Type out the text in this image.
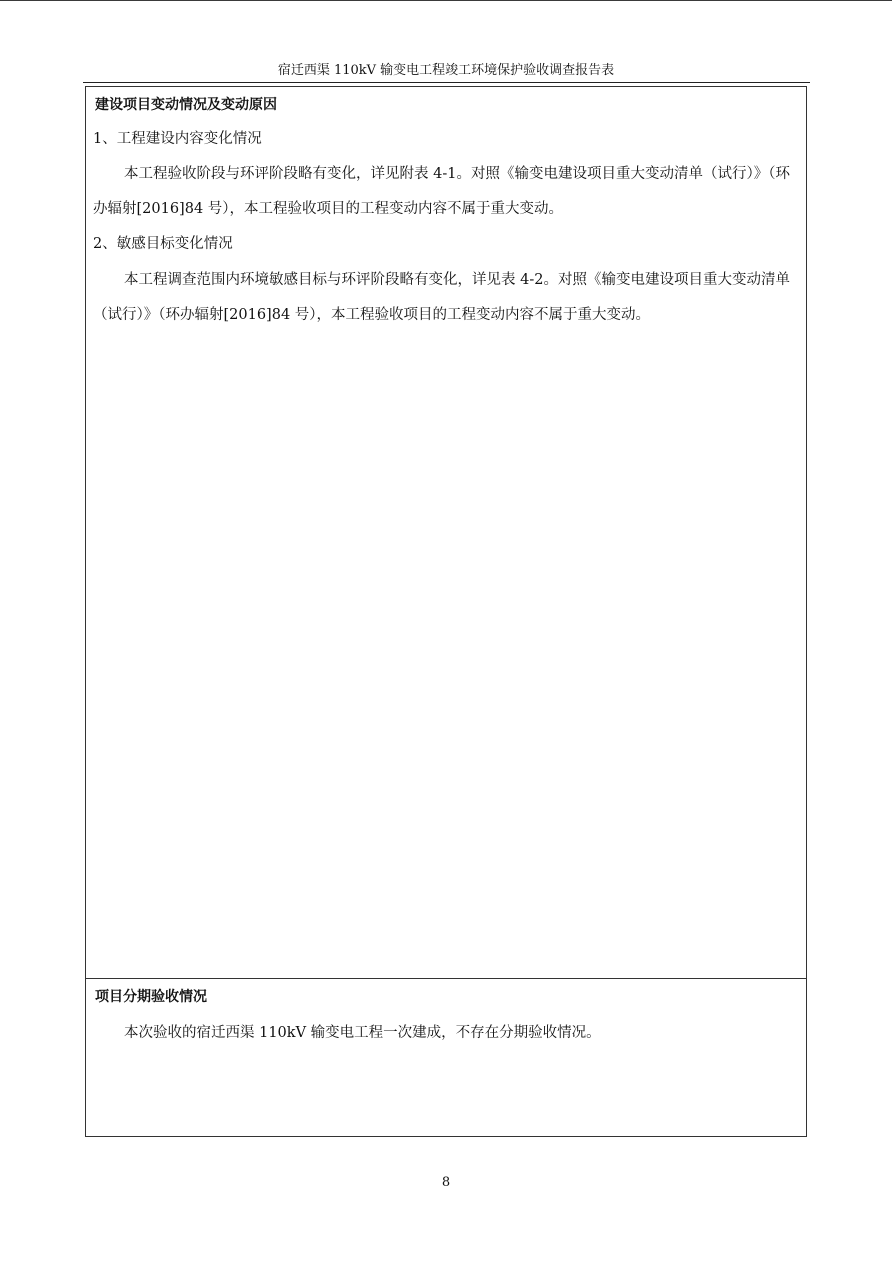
宿迁西渠 110kV 输变电工程竣工环境保护验收调查报告表
建设项目变动情况及变动原因
1、工程建设内容变化情况
本工程验收阶段与环评阶段略有变化，详见附表 4-1。对照《输变电建设项目重大变动清单（试行）》（环办辐射[2016]84 号），本工程验收项目的工程变动内容不属于重大变动。
2、敏感目标变化情况
本工程调查范围内环境敏感目标与环评阶段略有变化，详见表 4-2。对照《输变电建设项目重大变动清单（试行）》（环办辐射[2016]84 号），本工程验收项目的工程变动内容不属于重大变动。
项目分期验收情况
本次验收的宿迁西渠 110kV 输变电工程一次建成，不存在分期验收情况。
8
